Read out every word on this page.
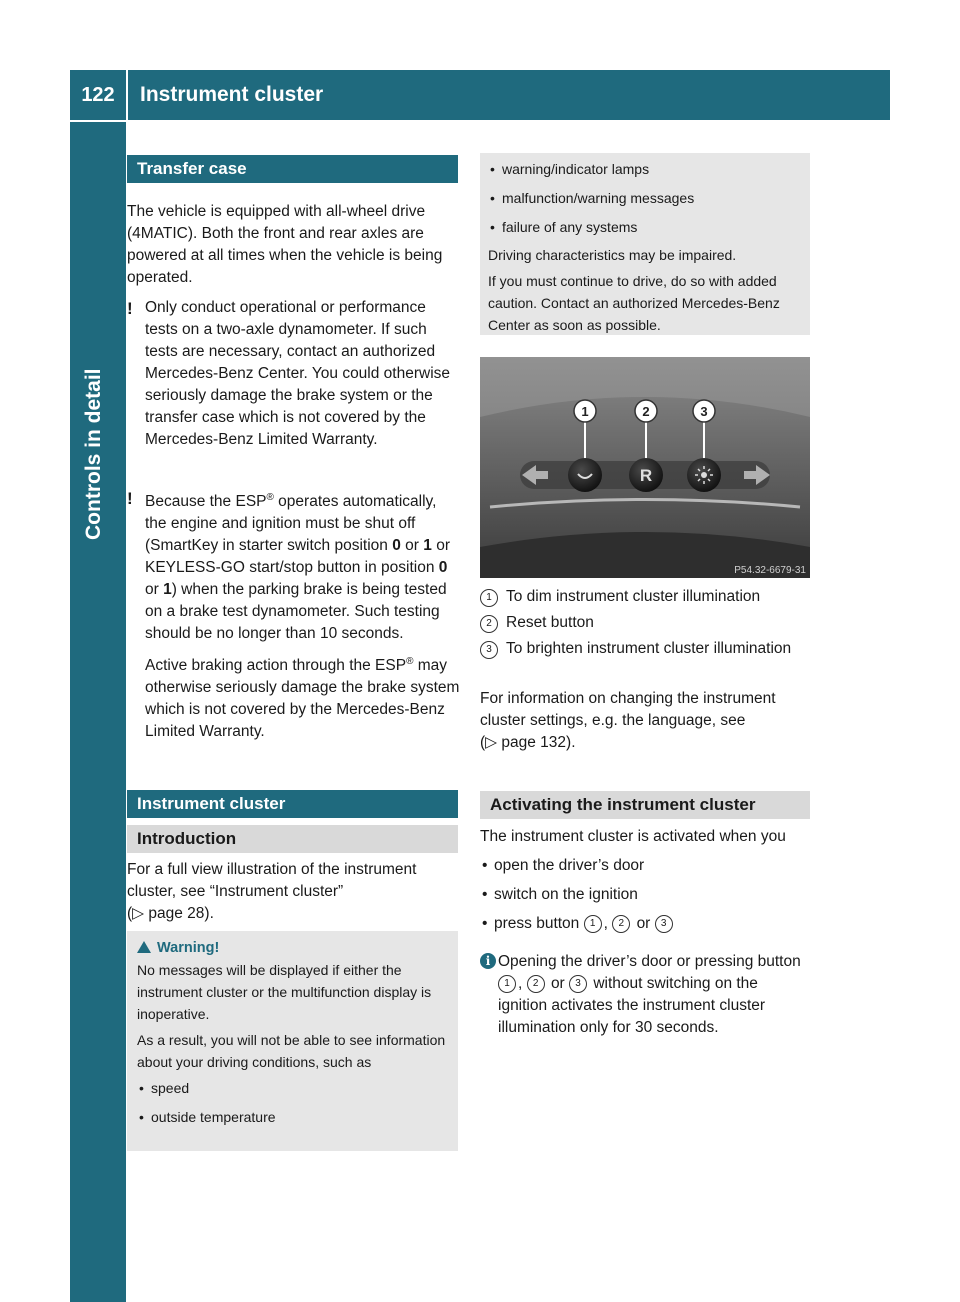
122	Instrument cluster
Controls in detail
Transfer case

The vehicle is equipped with all-wheel drive (4MATIC). Both the front and rear axles are powered at all times when the vehicle is being operated.

! Only conduct operational or performance tests on a two-axle dynamometer. If such tests are necessary, contact an authorized Mercedes-Benz Center. You could otherwise seriously damage the brake system or the transfer case which is not covered by the Mercedes-Benz Limited Warranty.
! Because the ESP® operates automatically, the engine and ignition must be shut off (SmartKey in starter switch position 0 or 1 or KEYLESS-GO start/stop button in position 0 or 1) when the parking brake is being tested on a brake test dynamometer. Such testing should be no longer than 10 seconds.
Active braking action through the ESP® may otherwise seriously damage the brake system which is not covered by the Mercedes-Benz Limited Warranty.
Instrument cluster
Introduction

For a full view illustration of the instrument cluster, see “Instrument cluster”
(▷ page 28).

Warning!
No messages will be displayed if either the instrument cluster or the multifunction display is inoperative.
As a result, you will not be able to see information about your driving conditions, such as
• speed
• outside temperature
• warning/indicator lamps
• malfunction/warning messages
• failure of any systems
Driving characteristics may be impaired.
If you must continue to drive, do so with added caution. Contact an authorized Mercedes-Benz Center as soon as possible.
R
1	2	3
P54.32-6679-31
1 To dim instrument cluster illumination
2 Reset button
3 To brighten instrument cluster illumination

For information on changing the instrument cluster settings, e.g. the language, see
(▷ page 132).

Activating the instrument cluster

The instrument cluster is activated when you

• open the driver’s door
• switch on the ignition
• press button 1 , 2 or 3
i Opening the driver’s door or pressing button 1 , 2 or 3 without switching on the ignition activates the instrument cluster illumination only for 30 seconds.
